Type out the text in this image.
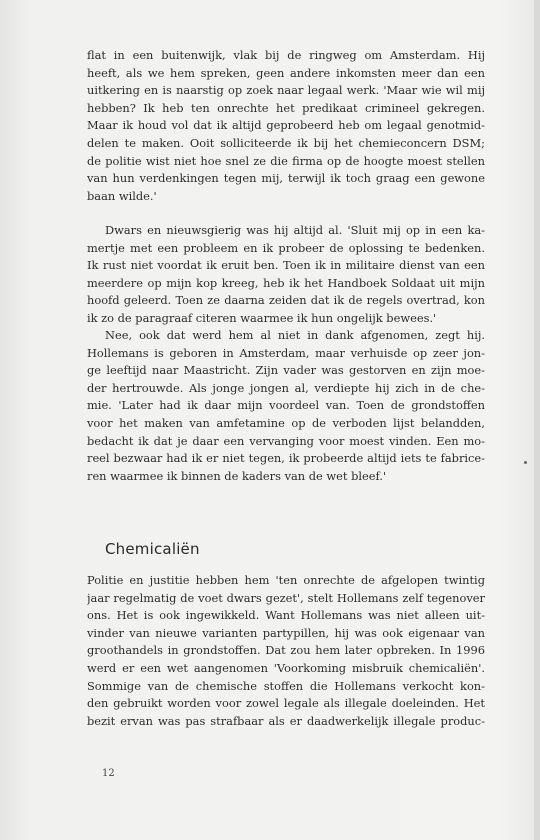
flat in een buitenwijk, vlak bij de ringweg om Amsterdam. Hij
heeft, als we hem spreken, geen andere inkomsten meer dan een
uitkering en is naarstig op zoek naar legaal werk. 'Maar wie wil mij
hebben? Ik heb ten onrechte het predikaat crimineel gekregen.
Maar ik houd vol dat ik altijd geprobeerd heb om legaal genotmid-
delen te maken. Ooit solliciteerde ik bij het chemieconcern DSM;
de politie wist niet hoe snel ze die firma op de hoogte moest stellen
van hun verdenkingen tegen mij, terwijl ik toch graag een gewone
baan wilde.'
Dwars en nieuwsgierig was hij altijd al. 'Sluit mij op in een ka-
mertje met een probleem en ik probeer de oplossing te bedenken.
Ik rust niet voordat ik eruit ben. Toen ik in militaire dienst van een
meerdere op mijn kop kreeg, heb ik het Handboek Soldaat uit mijn
hoofd geleerd. Toen ze daarna zeiden dat ik de regels overtrad, kon
ik zo de paragraaf citeren waarmee ik hun ongelijk bewees.'
Nee, ook dat werd hem al niet in dank afgenomen, zegt hij.
Hollemans is geboren in Amsterdam, maar verhuisde op zeer jon-
ge leeftijd naar Maastricht. Zijn vader was gestorven en zijn moe-
der hertrouwde. Als jonge jongen al, verdiepte hij zich in de che-
mie. 'Later had ik daar mijn voordeel van. Toen de grondstoffen
voor het maken van amfetamine op de verboden lijst belandden,
bedacht ik dat je daar een vervanging voor moest vinden. Een mo-
reel bezwaar had ik er niet tegen, ik probeerde altijd iets te fabrice-
ren waarmee ik binnen de kaders van de wet bleef.'
Chemicaliën
Politie en justitie hebben hem 'ten onrechte de afgelopen twintig
jaar regelmatig de voet dwars gezet', stelt Hollemans zelf tegenover
ons. Het is ook ingewikkeld. Want Hollemans was niet alleen uit-
vinder van nieuwe varianten partypillen, hij was ook eigenaar van
groothandels in grondstoffen. Dat zou hem later opbreken. In 1996
werd er een wet aangenomen 'Voorkoming misbruik chemicaliën'.
Sommige van de chemische stoffen die Hollemans verkocht kon-
den gebruikt worden voor zowel legale als illegale doeleinden. Het
bezit ervan was pas strafbaar als er daadwerkelijk illegale produc-
12
